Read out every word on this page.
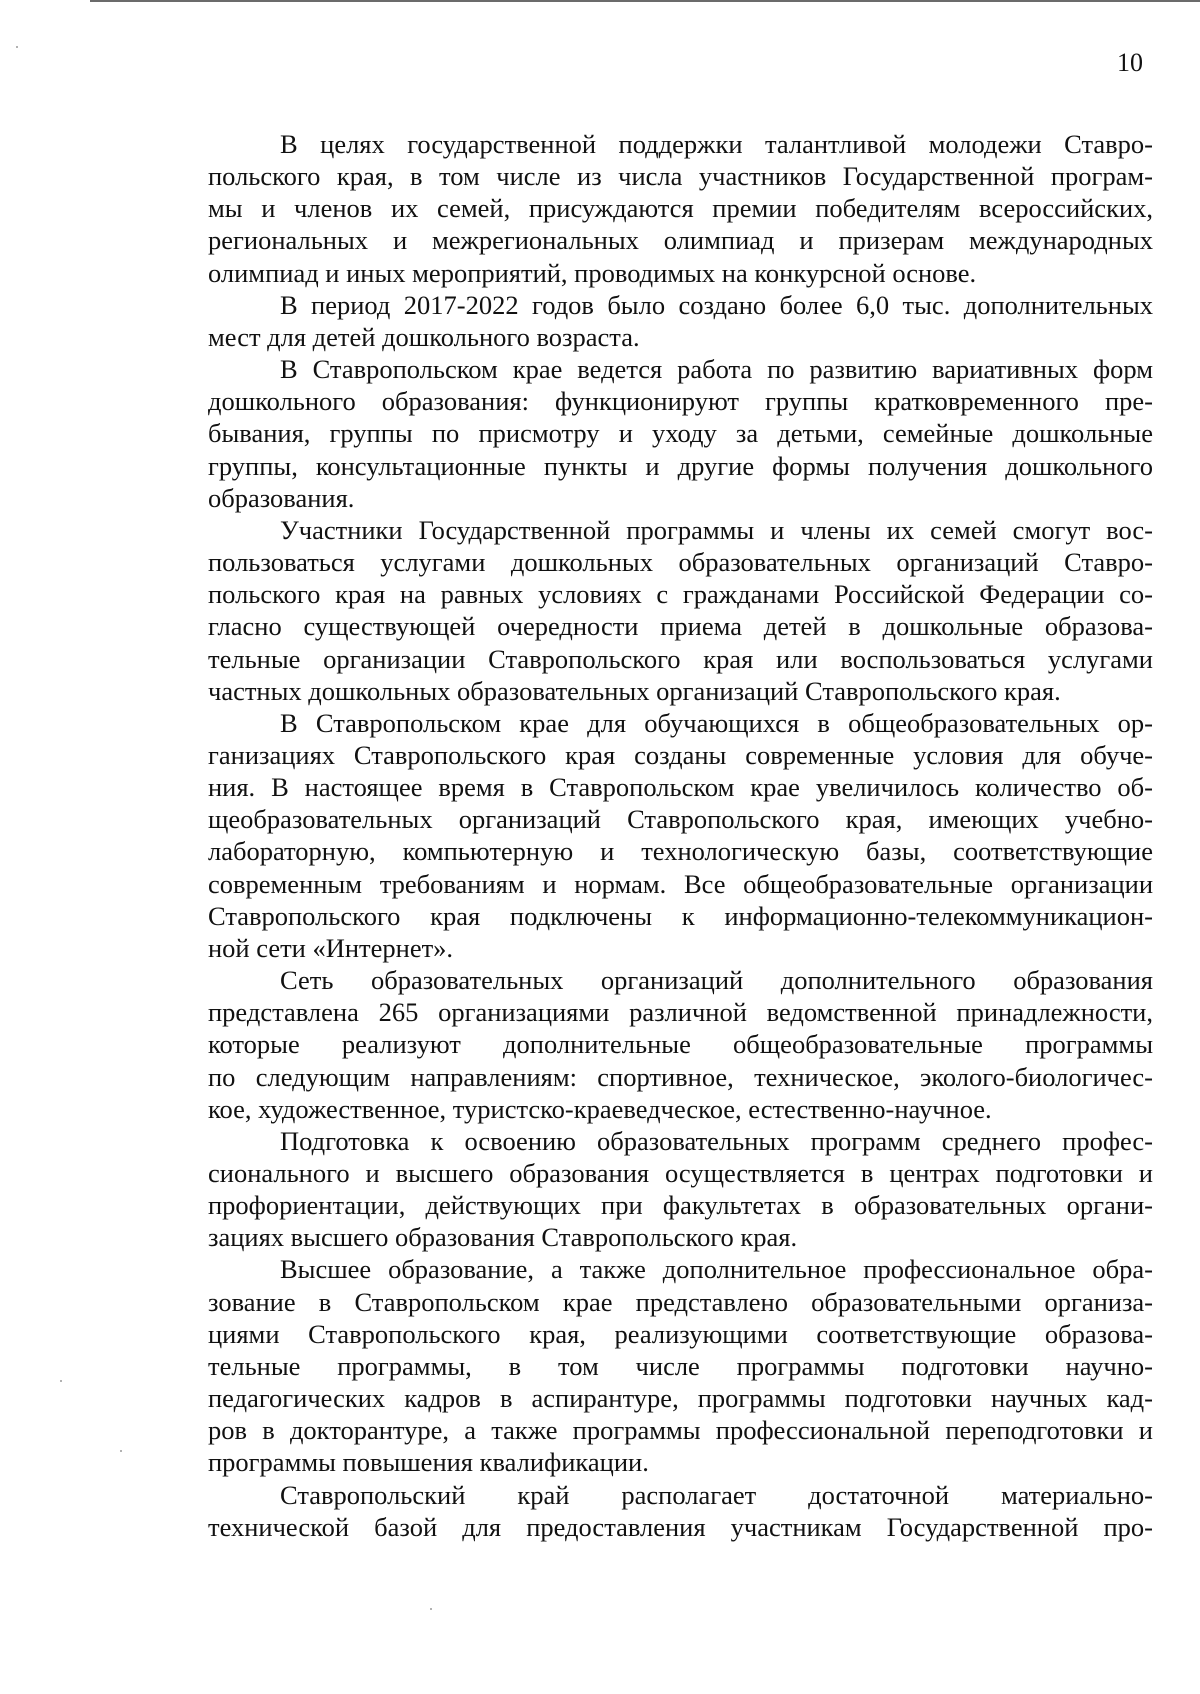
10
В целях государственной поддержки талантливой молодежи Ставро-
польского края, в том числе из числа участников Государственной програм-
мы и членов их семей, присуждаются премии победителям всероссийских,
региональных и межрегиональных олимпиад и призерам международных
олимпиад и иных мероприятий, проводимых на конкурсной основе.
В период 2017-2022 годов было создано более 6,0 тыс. дополнительных
мест для детей дошкольного возраста.
В Ставропольском крае ведется работа по развитию вариативных форм
дошкольного образования: функционируют группы кратковременного пре-
бывания, группы по присмотру и уходу за детьми, семейные дошкольные
группы, консультационные пункты и другие формы получения дошкольного
образования.
Участники Государственной программы и члены их семей смогут вос-
пользоваться услугами дошкольных образовательных организаций Ставро-
польского края на равных условиях с гражданами Российской Федерации со-
гласно существующей очередности приема детей в дошкольные образова-
тельные организации Ставропольского края или воспользоваться услугами
частных дошкольных образовательных организаций Ставропольского края.
В Ставропольском крае для обучающихся в общеобразовательных ор-
ганизациях Ставропольского края созданы современные условия для обуче-
ния. В настоящее время в Ставропольском крае увеличилось количество об-
щеобразовательных организаций Ставропольского края, имеющих учебно-
лабораторную, компьютерную и технологическую базы, соответствующие
современным требованиям и нормам. Все общеобразовательные организации
Ставропольского края подключены к информационно-телекоммуникацион-
ной сети «Интернет».
Сеть образовательных организаций дополнительного образования
представлена 265 организациями различной ведомственной принадлежности,
которые реализуют дополнительные общеобразовательные программы
по следующим направлениям: спортивное, техническое, эколого-биологичес-
кое, художественное, туристско-краеведческое, естественно-научное.
Подготовка к освоению образовательных программ среднего профес-
сионального и высшего образования осуществляется в центрах подготовки и
профориентации, действующих при факультетах в образовательных органи-
зациях высшего образования Ставропольского края.
Высшее образование, а также дополнительное профессиональное обра-
зование в Ставропольском крае представлено образовательными организа-
циями Ставропольского края, реализующими соответствующие образова-
тельные программы, в том числе программы подготовки научно-
педагогических кадров в аспирантуре, программы подготовки научных кад-
ров в докторантуре, а также программы профессиональной переподготовки и
программы повышения квалификации.
Ставропольский край располагает достаточной материально-
технической базой для предоставления участникам Государственной про-
